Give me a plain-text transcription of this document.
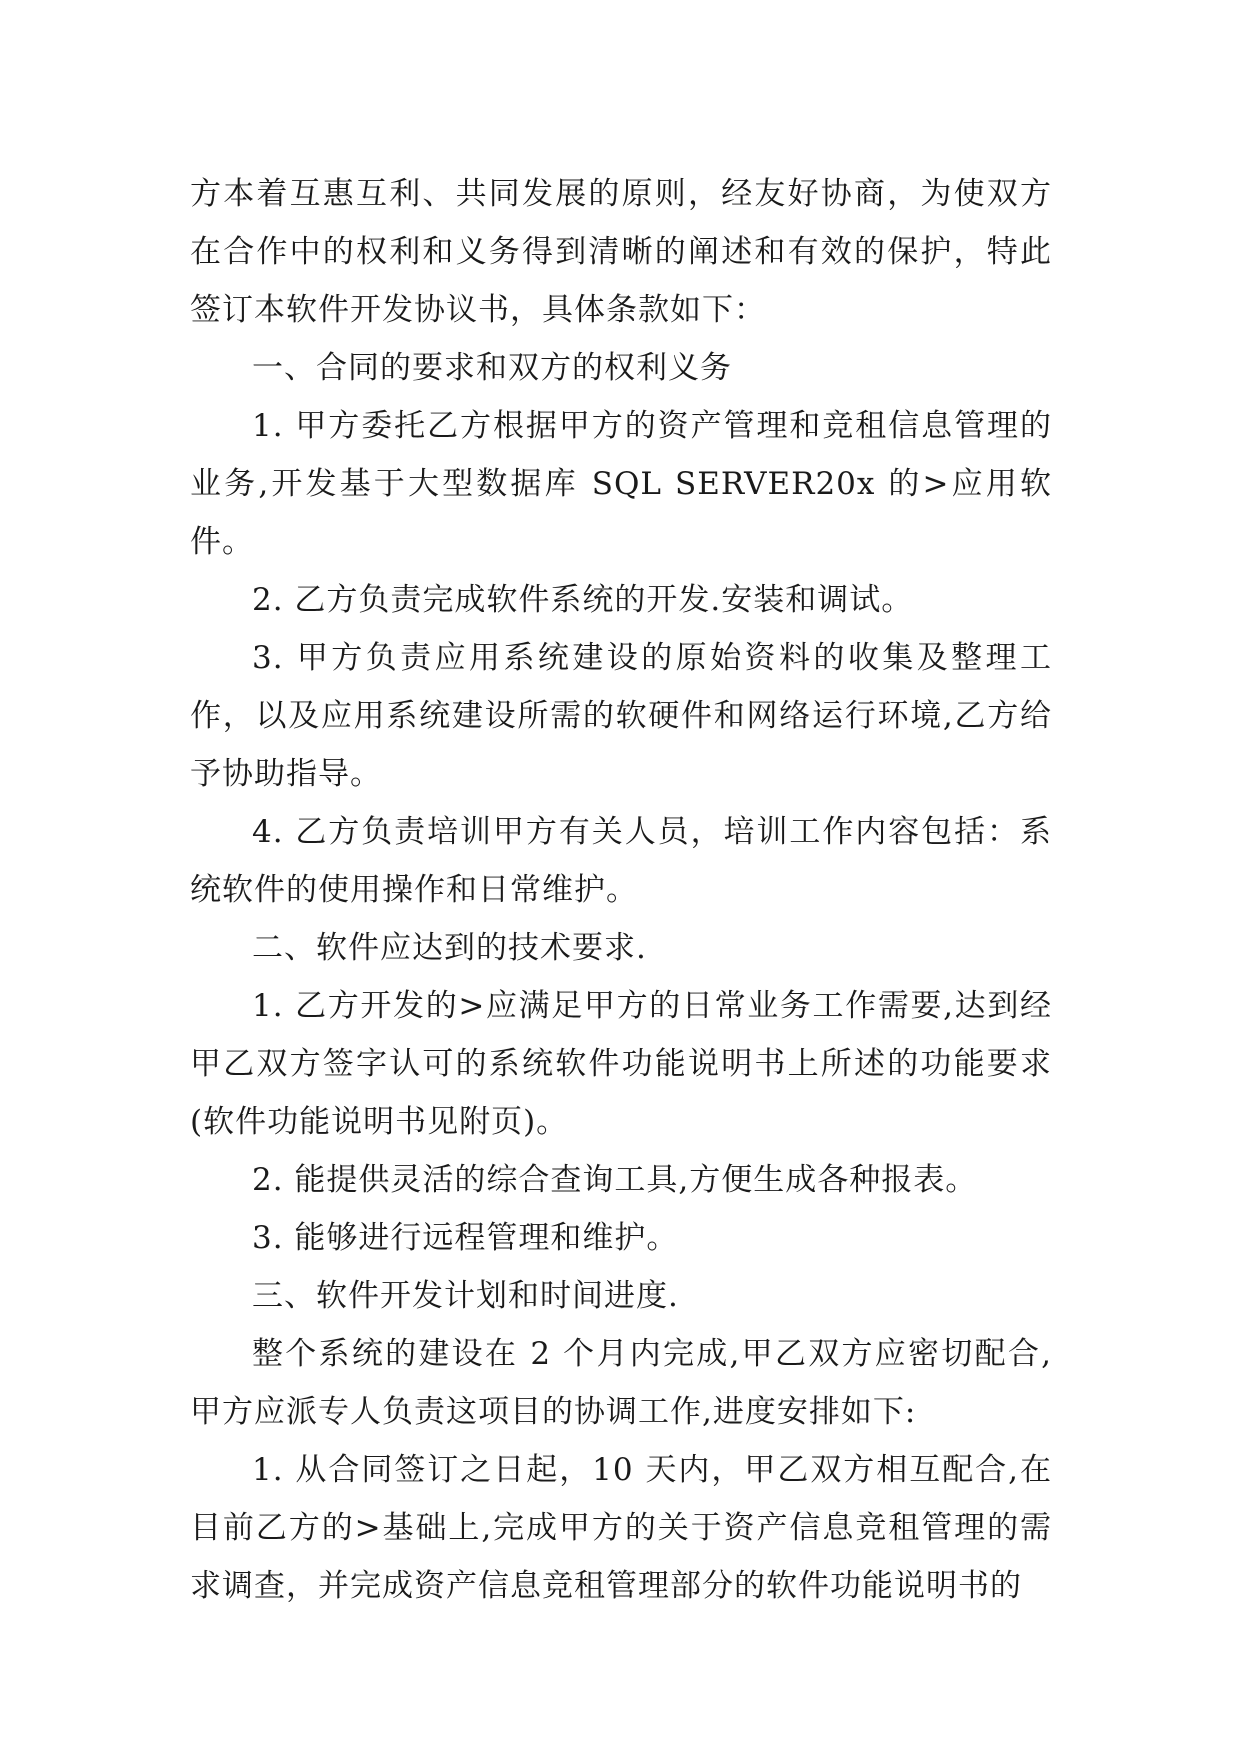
方本着互惠互利、共同发展的原则，经友好协商，为使双方在合作中的权利和义务得到清晰的阐述和有效的保护，特此签订本软件开发协议书，具体条款如下：

一、合同的要求和双方的权利义务

1. 甲方委托乙方根据甲方的资产管理和竞租信息管理的业务,开发基于大型数据库 SQL SERVER20x 的>应用软件。

2. 乙方负责完成软件系统的开发.安装和调试。

3. 甲方负责应用系统建设的原始资料的收集及整理工作，以及应用系统建设所需的软硬件和网络运行环境,乙方给予协助指导。

4. 乙方负责培训甲方有关人员，培训工作内容包括：系统软件的使用操作和日常维护。

二、软件应达到的技术要求.

1. 乙方开发的>应满足甲方的日常业务工作需要,达到经甲乙双方签字认可的系统软件功能说明书上所述的功能要求(软件功能说明书见附页)。

2. 能提供灵活的综合查询工具,方便生成各种报表。

3. 能够进行远程管理和维护。

三、软件开发计划和时间进度.

整个系统的建设在 2 个月内完成,甲乙双方应密切配合,甲方应派专人负责这项目的协调工作,进度安排如下:

1. 从合同签订之日起，10 天内，甲乙双方相互配合,在目前乙方的>基础上,完成甲方的关于资产信息竞租管理的需求调查，并完成资产信息竞租管理部分的软件功能说明书的
